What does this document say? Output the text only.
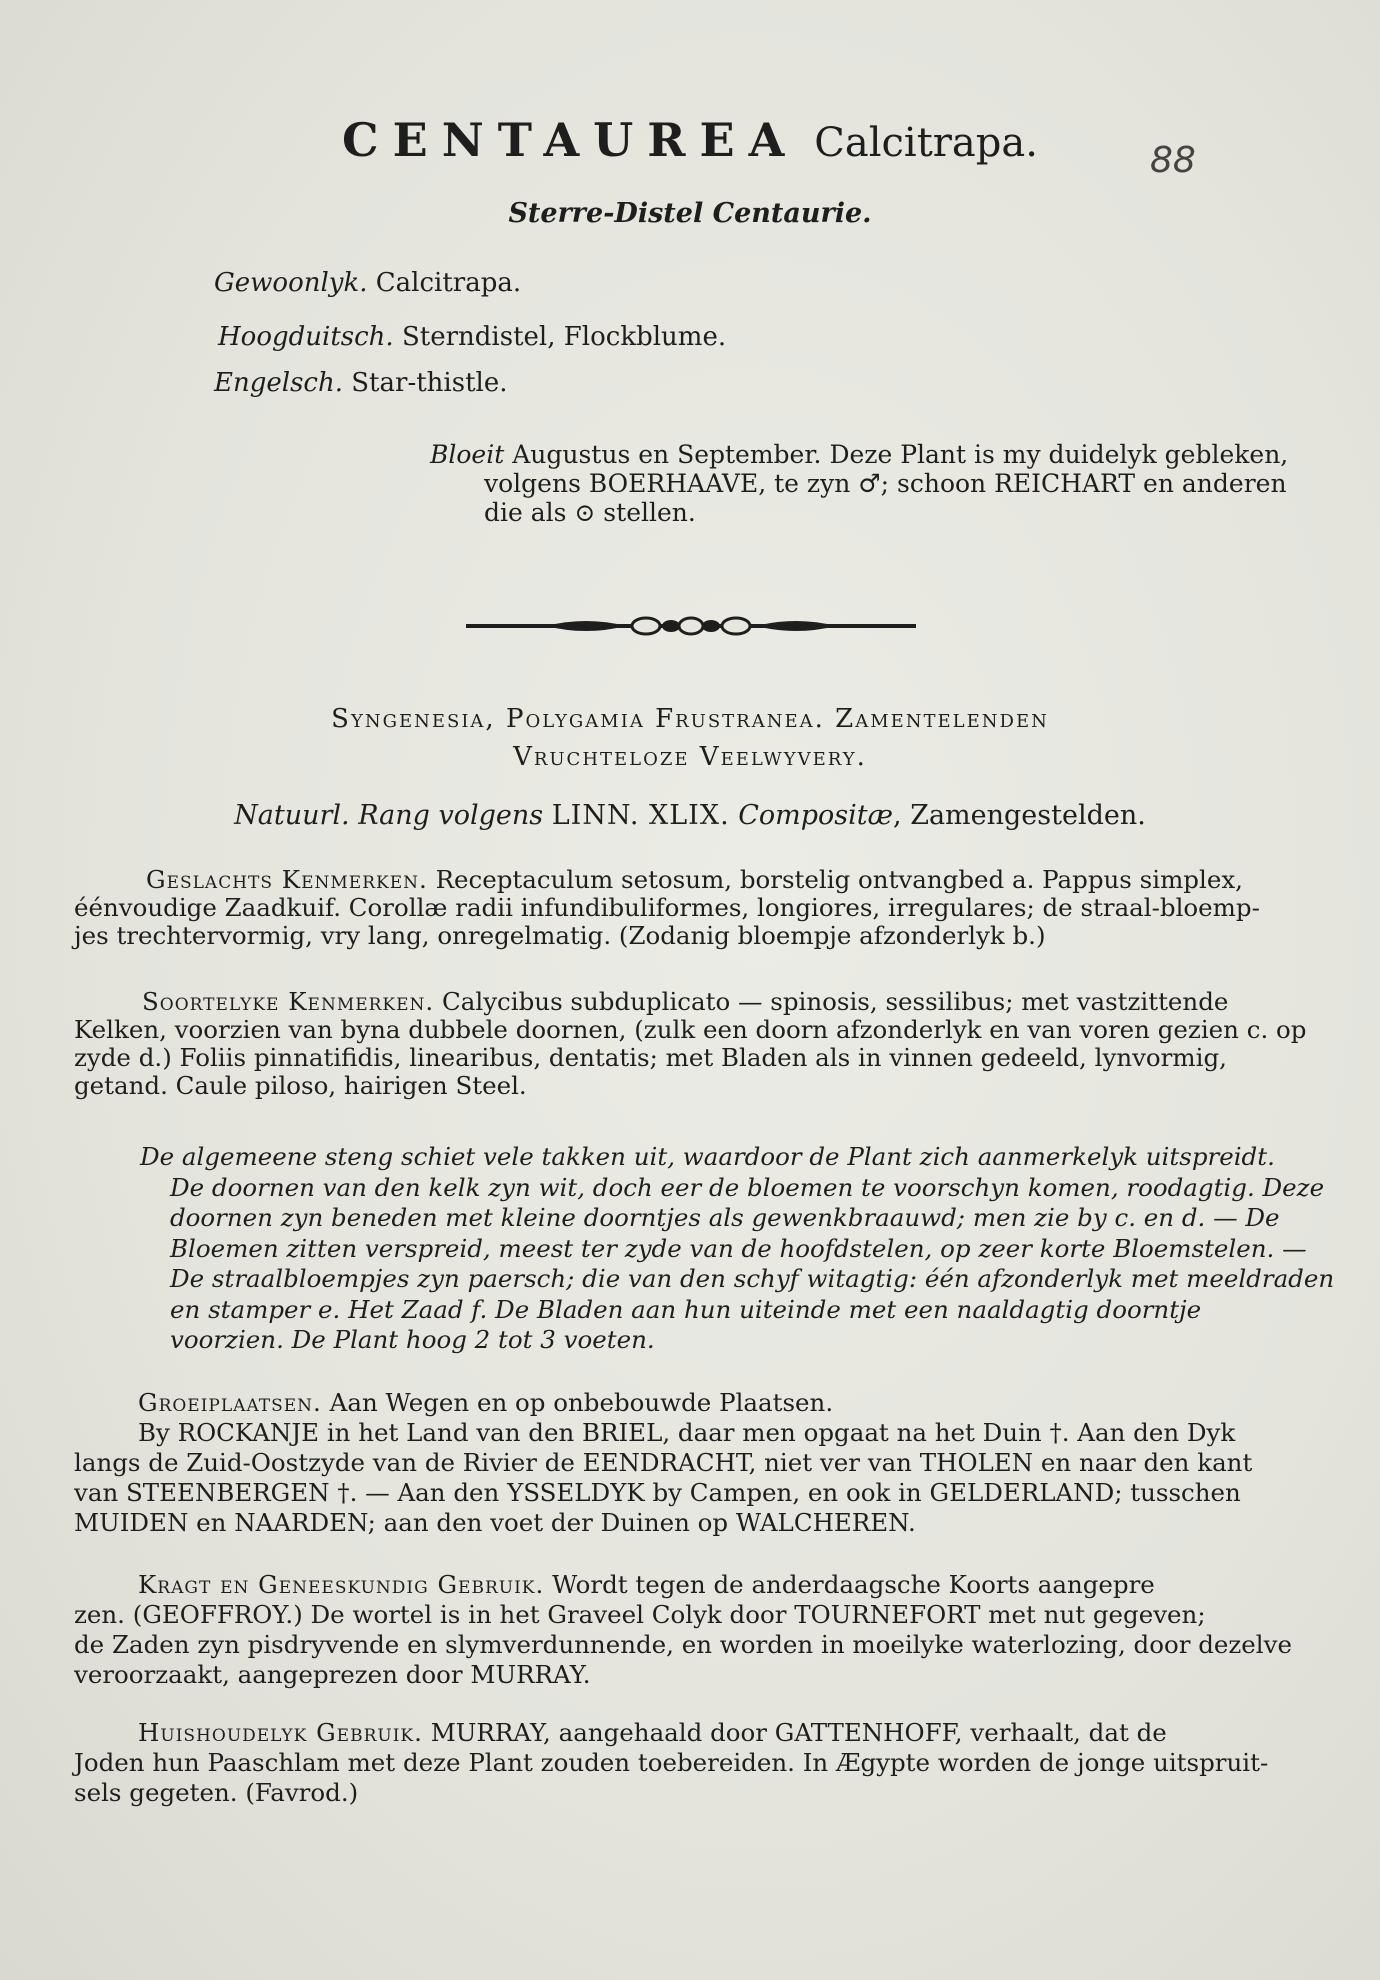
CENTAUREA Calcitrapa.	88
Sterre-Distel Centaurie.
Gewoonlyk. Calcitrapa.
Hoogduitsch. Sterndistel, Flockblume.
Engelsch. Star-thistle.
Bloeit Augustus en September. Deze Plant is my duidelyk gebleken,
volgens BOERHAAVE, te zyn ♂; schoon REICHART en anderen
die als ⊙ stellen.
Syngenesia, Polygamia Frustranea. Zamentelenden
Vruchteloze Veelwyvery.
Natuurl. Rang volgens LINN. XLIX. Compositæ, Zamengestelden.
Geslachts Kenmerken. Receptaculum setosum, borstelig ontvangbed a. Pappus simplex,
éénvoudige Zaadkuif. Corollæ radii infundibuliformes, longiores, irregulares; de straal-bloemp-
jes trechtervormig, vry lang, onregelmatig. (Zodanig bloempje afzonderlyk b.)
Soortelyke Kenmerken. Calycibus subduplicato — spinosis, sessilibus; met vastzittende
Kelken, voorzien van byna dubbele doornen, (zulk een doorn afzonderlyk en van voren gezien c. op
zyde d.) Foliis pinnatifidis, linearibus, dentatis; met Bladen als in vinnen gedeeld, lynvormig,
getand. Caule piloso, hairigen Steel.
De algemeene steng schiet vele takken uit, waardoor de Plant zich aanmerkelyk uitspreidt.
De doornen van den kelk zyn wit, doch eer de bloemen te voorschyn komen, roodagtig. Deze
doornen zyn beneden met kleine doorntjes als gewenkbraauwd; men zie by c. en d. — De
Bloemen zitten verspreid, meest ter zyde van de hoofdstelen, op zeer korte Bloemstelen. —
De straalbloempjes zyn paersch; die van den schyf witagtig: één afzonderlyk met meeldraden
en stamper e. Het Zaad f. De Bladen aan hun uiteinde met een naaldagtig doorntje
voorzien. De Plant hoog 2 tot 3 voeten.
Groeiplaatsen. Aan Wegen en op onbebouwde Plaatsen.
By ROCKANJE in het Land van den BRIEL, daar men opgaat na het Duin †. Aan den Dyk
langs de Zuid-Oostzyde van de Rivier de EENDRACHT, niet ver van THOLEN en naar den kant
van STEENBERGEN †. — Aan den YSSELDYK by Campen, en ook in GELDERLAND; tusschen
MUIDEN en NAARDEN; aan den voet der Duinen op WALCHEREN.
Kragt en Geneeskundig Gebruik. Wordt tegen de anderdaagsche Koorts aangepre
zen. (GEOFFROY.) De wortel is in het Graveel Colyk door TOURNEFORT met nut gegeven;
de Zaden zyn pisdryvende en slymverdunnende, en worden in moeilyke waterlozing, door dezelve
veroorzaakt, aangeprezen door MURRAY.
Huishoudelyk Gebruik. MURRAY, aangehaald door GATTENHOFF, verhaalt, dat de
Joden hun Paaschlam met deze Plant zouden toebereiden. In Ægypte worden de jonge uitspruit-
sels gegeten. (Favrod.)
